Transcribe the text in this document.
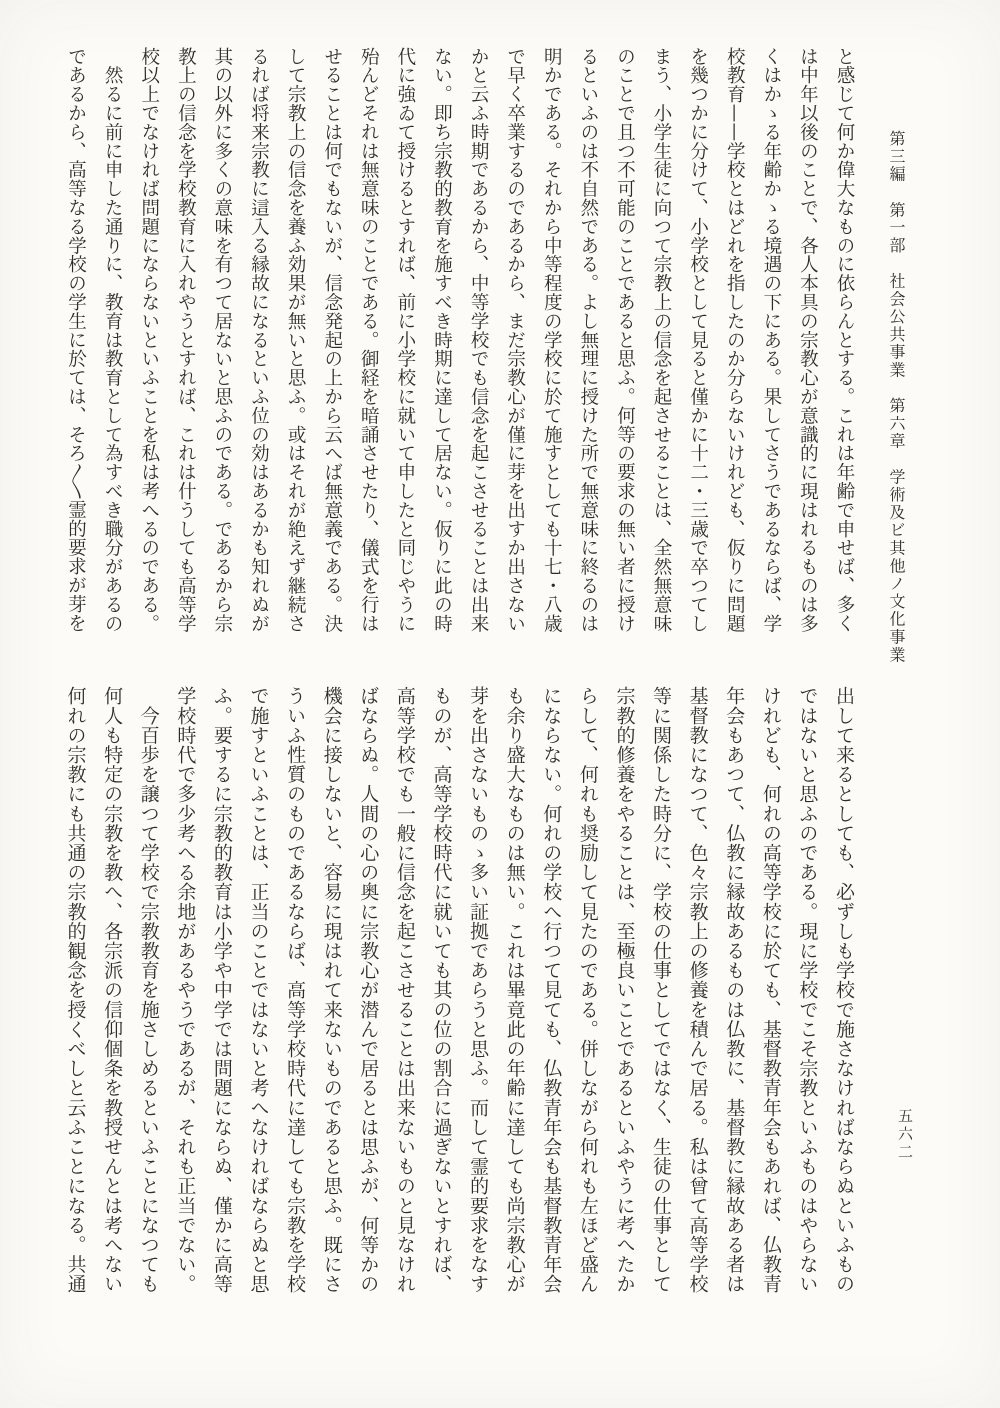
第三編　第一部　社会公共事業　第六章　学術及ビ其他ノ文化事業
と感じて何か偉大なものに依らんとする。これは年齢で申せば、多く
は中年以後のことで、各人本具の宗教心が意識的に現はれるものは多
くはかゝる年齢かゝる境遇の下にある。果してさうであるならば、学
校教育——学校とはどれを指したのか分らないけれども、仮りに問題
を幾つかに分けて、小学校として見ると僅かに十二・三歳で卒つてし
まう、小学生徒に向つて宗教上の信念を起させることは、全然無意味
のことで且つ不可能のことであると思ふ。何等の要求の無い者に授け
るといふのは不自然である。よし無理に授けた所で無意味に終るのは
明かである。それから中等程度の学校に於て施すとしても十七・八歳
で早く卒業するのであるから、まだ宗教心が僅に芽を出すか出さない
かと云ふ時期であるから、中等学校でも信念を起こさせることは出来
ない。即ち宗教的教育を施すべき時期に達して居ない。仮りに此の時
代に強ゐて授けるとすれば、前に小学校に就いて申したと同じやうに
殆んどそれは無意味のことである。御経を暗誦させたり、儀式を行は
せることは何でもないが、信念発起の上から云へば無意義である。決
して宗教上の信念を養ふ効果が無いと思ふ。或はそれが絶えず継続さ
るれば将来宗教に這入る縁故になるといふ位の効はあるかも知れぬが
其の以外に多くの意味を有つて居ないと思ふのである。であるから宗
教上の信念を学校教育に入れやうとすれば、これは什うしても高等学
校以上でなければ問題にならないといふことを私は考へるのである。
　然るに前に申した通りに、教育は教育として為すべき職分があるの
であるから、高等なる学校の学生に於ては、そろ〳〵霊的要求が芽を
出して来るとしても、必ずしも学校で施さなければならぬといふもの
ではないと思ふのである。現に学校でこそ宗教といふものはやらない
けれども、何れの高等学校に於ても、基督教青年会もあれば、仏教青
年会もあつて、仏教に縁故あるものは仏教に、基督教に縁故ある者は
基督教になつて、色々宗教上の修養を積んで居る。私は曾て高等学校
等に関係した時分に、学校の仕事としてではなく、生徒の仕事として
宗教的修養をやることは、至極良いことであるといふやうに考へたか
らして、何れも奨励して見たのである。併しながら何れも左ほど盛ん
にならない。何れの学校へ行つて見ても、仏教青年会も基督教青年会
も余り盛大なものは無い。これは畢竟此の年齢に達しても尚宗教心が
芽を出さないものゝ多い証拠であらうと思ふ。而して霊的要求をなす
ものが、高等学校時代に就いても其の位の割合に過ぎないとすれば、
高等学校でも一般に信念を起こさせることは出来ないものと見なけれ
ばならぬ。人間の心の奥に宗教心が潜んで居るとは思ふが、何等かの
機会に接しないと、容易に現はれて来ないものであると思ふ。既にさ
ういふ性質のものであるならば、高等学校時代に達しても宗教を学校
で施すといふことは、正当のことではないと考へなければならぬと思
ふ。要するに宗教的教育は小学や中学では問題にならぬ、僅かに高等
学校時代で多少考へる余地があるやうであるが、それも正当でない。
　今百歩を譲つて学校で宗教教育を施さしめるといふことになつても
何人も特定の宗教を教へ、各宗派の信仰個条を教授せんとは考へない
何れの宗教にも共通の宗教的観念を授くべしと云ふことになる。共通	五六二
